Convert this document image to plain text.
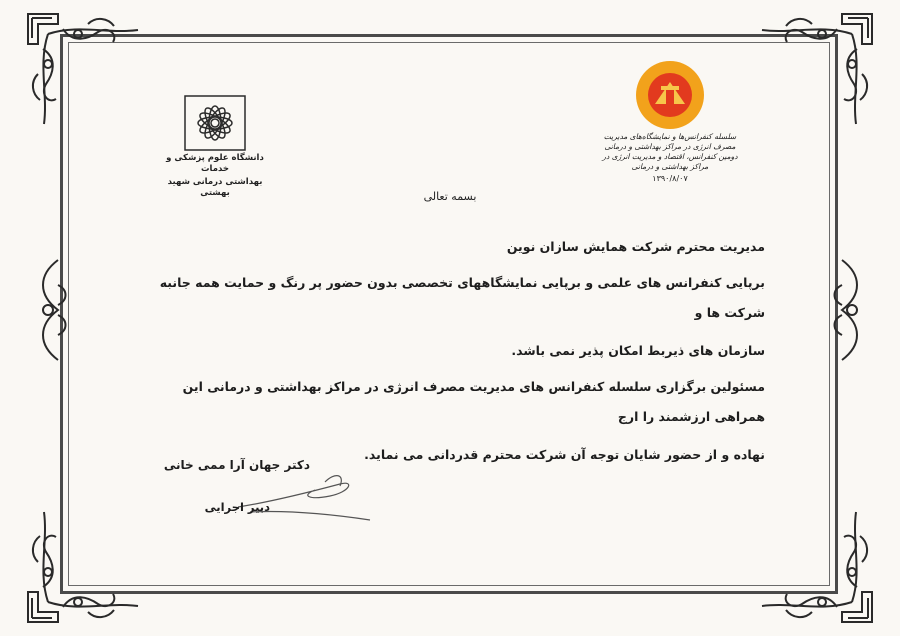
دانشگاه علوم پزشکی و خدمات
بهداشتی درمانی شهید بهشتی
سلسله کنفرانس‌ها و نمایشگاه‌های مدیریت مصرف انرژی در مراکز بهداشتی و درمانی
دومین کنفرانس، اقتصاد و مدیریت انرژی در مراکز بهداشتی و درمانی
۱۳۹۰/۸/۰۷
بسمه تعالی

مدیریت محترم شرکت همایش سازان نوین

برپایی کنفرانس های علمی و برپایی نمایشگاههای تخصصی بدون حضور پر رنگ و حمایت همه جانبه شرکت ها و

سازمان های ذیربط امکان پذیر نمی باشد.

مسئولین برگزاری سلسله کنفرانس های مدیریت مصرف انرژی در مراکز بهداشتی و درمانی این همراهی ارزشمند را ارج

نهاده و از حضور شایان توجه آن شرکت محترم قدردانی می نماید.

دکتر جهان آرا ممی خانی
دبیر اجرایی
